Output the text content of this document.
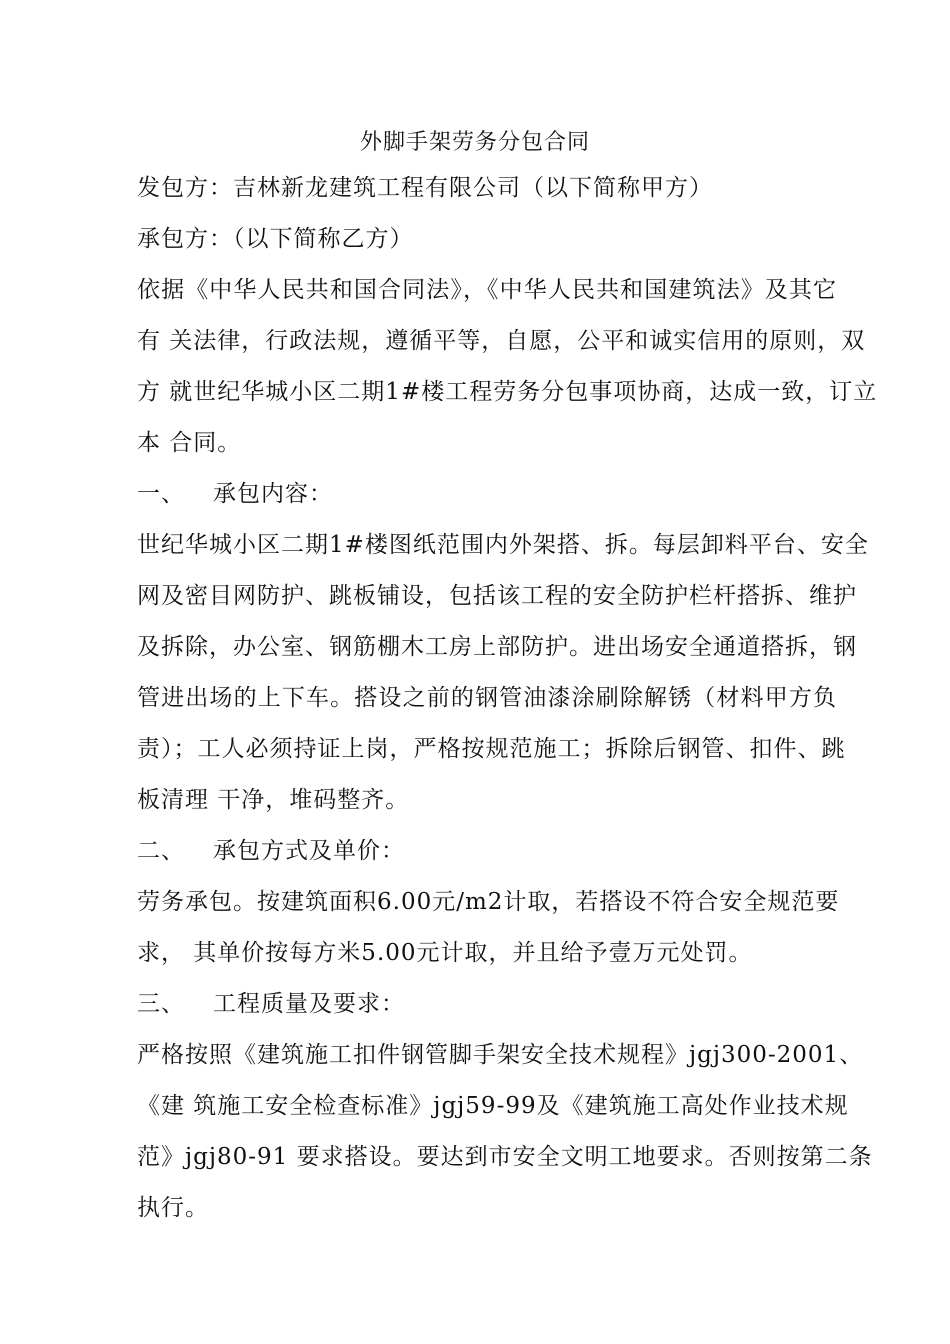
外脚手架劳务分包合同
发包方：吉林新龙建筑工程有限公司（以下简称甲方）
承包方：（以下简称乙方）
依据《中华人民共和国合同法》，《中华人民共和国建筑法》及其它
有 关法律，行政法规，遵循平等，自愿，公平和诚实信用的原则，双
方 就世纪华城小区二期1#楼工程劳务分包事项协商，达成一致，订立
本 合同。
一、 承包内容：
世纪华城小区二期1#楼图纸范围内外架搭、拆。每层卸料平台、安全
网及密目网防护、跳板铺设，包括该工程的安全防护栏杆搭拆、维护
及拆除，办公室、钢筋棚木工房上部防护。进出场安全通道搭拆，钢
管进出场的上下车。搭设之前的钢管油漆涂刷除解锈（材料甲方负
责）；工人必须持证上岗，严格按规范施工；拆除后钢管、扣件、跳
板清理 干净，堆码整齐。
二、 承包方式及单价：
劳务承包。按建筑面积6.00元/m2计取，若搭设不符合安全规范要
求， 其单价按每方米5.00元计取，并且给予壹万元处罚。
三、 工程质量及要求：
严格按照《建筑施工扣件钢管脚手架安全技术规程》jgj300-2001、
《建 筑施工安全检查标准》jgj59-99及《建筑施工高处作业技术规
范》jgj80-91 要求搭设。要达到市安全文明工地要求。否则按第二条
执行。
